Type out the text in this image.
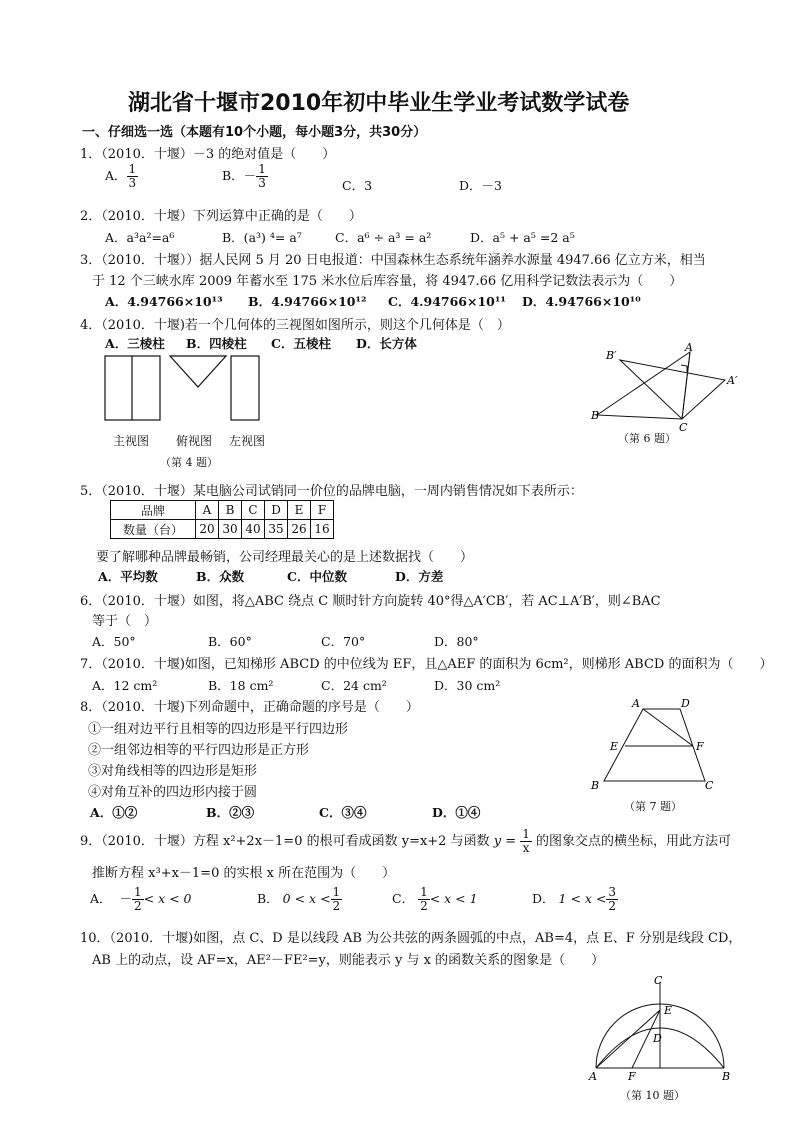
湖北省十堰市2010年初中毕业生学业考试数学试卷
一、仔细选一选（本题有10个小题，每小题3分，共30分）
1．（2010．十堰）－3 的绝对值是（　　）
A． $\frac{1}{3}$	B．－ $\frac{1}{3}$	C．3	D．－3
2．（2010．十堰）下列运算中正确的是（　　）
A．a³a²=a⁶	B．(a³) ⁴= a⁷	C．a⁶ ÷ a³ = a²	D．a⁵ + a⁵ =2 a⁵
3．（2010．十堰））据人民网 5 月 20 日电报道：中国森林生态系统年涵养水源量 4947.66 亿立方米，相当
于 12 个三峡水库 2009 年蓄水至 175 米水位后库容量，将 4947.66 亿用科学记数法表示为（　　）
A．4.94766×10¹³ B．4.94766×10¹² C．4.94766×10¹¹ D．4.94766×10¹⁰
4．（2010．十堰)若一个几何体的三视图如图所示，则这个几何体是（　）
A．三棱柱 B．四棱柱 C．五棱柱 D．长方体
主视图 俯视图 左视图
（第 4 题）
A
B
C
B′
A′
（第 6 题）
5．（2010．十堰）某电脑公司试销同一价位的品牌电脑，一周内销售情况如下表所示：
品牌	A	B	C	D	E	F
数量（台）	20	30	40	35	26	16
要了解哪种品牌最畅销，公司经理最关心的是上述数据找（　　）
A．平均数	B．众数	C．中位数	D．方差
6．（2010．十堰）如图，将△ABC 绕点 C 顺时针方向旋转 40°得△A′CB′，若 AC⊥A′B′，则∠BAC
等于（　）
A．50°	B．60°	C．70°	D．80°
7．（2010．十堰)如图，已知梯形 ABCD 的中位线为 EF，且△AEF 的面积为 6cm²，则梯形 ABCD 的面积为（　　）
A．12 cm²	B．18 cm²	C．24 cm²	D．30 cm²
8．（2010．十堰)下列命题中，正确命题的序号是（　　）
①一组对边平行且相等的四边形是平行四边形
②一组邻边相等的平行四边形是正方形
③对角线相等的四边形是矩形
④对角互补的四边形内接于圆
A．①②	B．②③	C．③④	D．①④
A	D
E	F
B	C
（第 7 题）
9．（2010．十堰）方程 x²+2x－1=0 的根可看成函数 y=x+2 与函数 $y = \frac{1}{x}$ 的图象交点的横坐标，用此方法可
推断方程 x³+x－1=0 的实根 x 所在范围为（　　）
A． － $\frac{1}{2} < x < 0$	B． $0 < x < \frac{1}{2}$	C． $\frac{1}{2} < x < 1$	D． $1 < x < \frac{3}{2}$
10．（2010．十堰)如图，点 C、D 是以线段 AB 为公共弦的两条圆弧的中点，AB=4，点 E、F 分别是线段 CD，
AB 上的动点，设 AF=x，AE²－FE²=y，则能表示 y 与 x 的函数关系的图象是（　　）
C
E
D
A	F	B
（第 10 题）
